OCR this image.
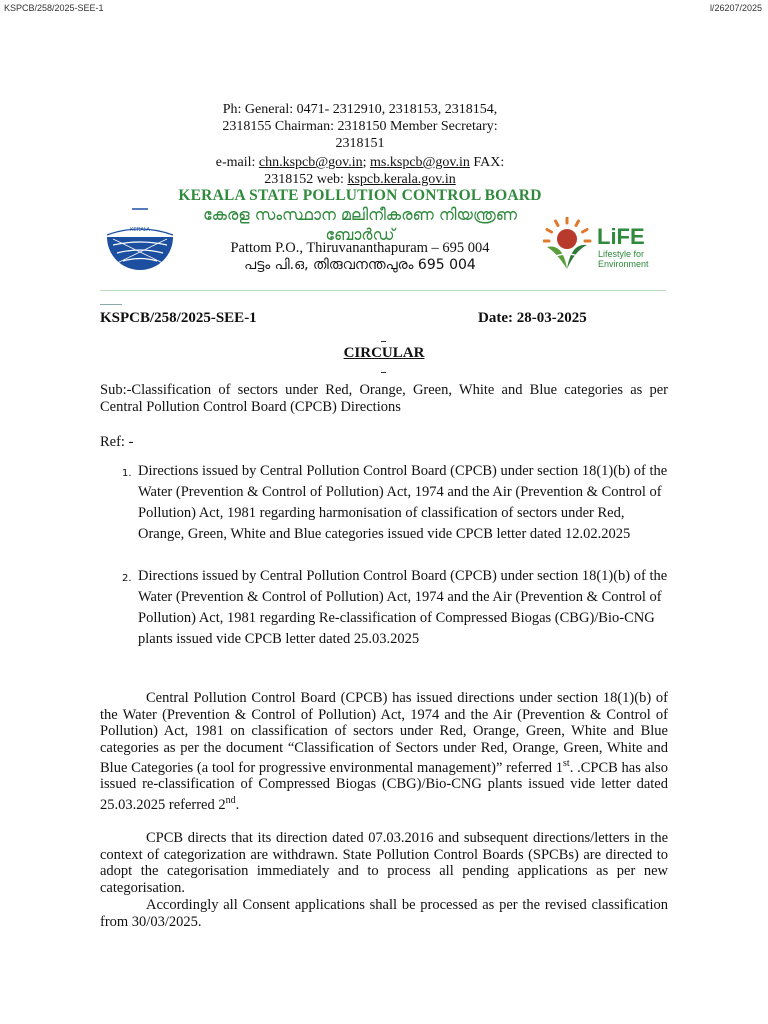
KSPCB/258/2025-SEE-1	l/26207/2025
Ph: General: 0471- 2312910, 2318153, 2318154,
2318155 Chairman: 2318150 Member Secretary:
2318151
e-mail: chn.kspcb@gov.in; ms.kspcb@gov.in FAX:
2318152 web: kspcb.kerala.gov.in
KERALA STATE POLLUTION CONTROL BOARD
കേരള സംസ്ഥാന മലിനീകരണ നിയന്ത്രണ
ബോർഡ്
Pattom P.O., Thiruvananthapuram – 695 004
പട്ടം പി.ഒ, തിരുവനന്തപുരം 695 004
KERALA	LiFE
Lifestyle for
Environment
KSPCB/258/2025-SEE-1	Date: 28-03-2025
CIRCULAR
Sub:-Classification of sectors under Red, Orange, Green, White and Blue categories as per Central Pollution Control Board (CPCB) Directions
Ref: -
1. Directions issued by Central Pollution Control Board (CPCB) under section 18(1)(b) of the Water (Prevention & Control of Pollution) Act, 1974 and the Air (Prevention & Control of Pollution) Act, 1981 regarding harmonisation of classification of sectors under Red, Orange, Green, White and Blue categories issued vide CPCB letter dated 12.02.2025
2. Directions issued by Central Pollution Control Board (CPCB) under section 18(1)(b) of the Water (Prevention & Control of Pollution) Act, 1974 and the Air (Prevention & Control of Pollution) Act, 1981 regarding Re-classification of Compressed Biogas (CBG)/Bio-CNG plants issued vide CPCB letter dated 25.03.2025
Central Pollution Control Board (CPCB) has issued directions under section 18(1)(b) of the Water (Prevention & Control of Pollution) Act, 1974 and the Air (Prevention & Control of Pollution) Act, 1981 on classification of sectors under Red, Orange, Green, White and Blue categories as per the document “Classification of Sectors under Red, Orange, Green, White and Blue Categories (a tool for progressive environmental management)” referred 1st. .CPCB has also issued re-classification of Compressed Biogas (CBG)/Bio-CNG plants issued vide letter dated 25.03.2025 referred 2nd.
CPCB directs that its direction dated 07.03.2016 and subsequent directions/letters in the context of categorization are withdrawn. State Pollution Control Boards (SPCBs) are directed to adopt the categorisation immediately and to process all pending applications as per new categorisation.
Accordingly all Consent applications shall be processed as per the revised classification from 30/03/2025.
